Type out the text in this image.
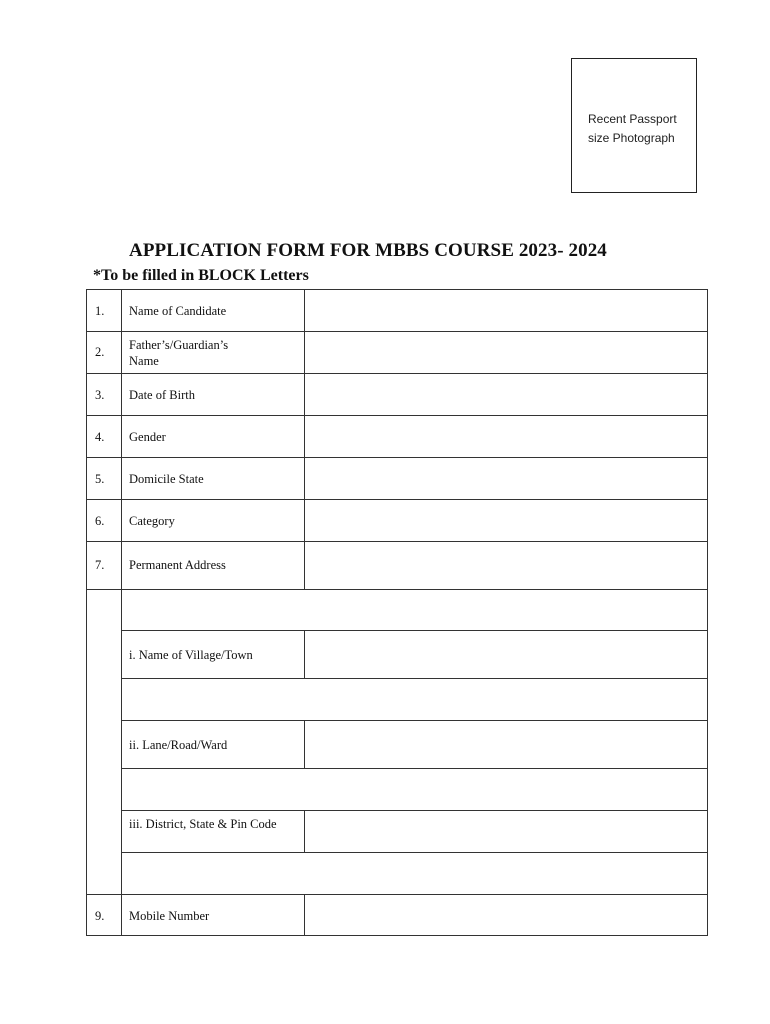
Recent Passport
size Photograph
APPLICATION FORM FOR MBBS COURSE 2023- 2024
*To be filled in BLOCK Letters
1. Name of Candidate
2. Father’s/Guardian’s Name
3. Date of Birth
4. Gender
5. Domicile State
6. Category
7. Permanent Address
i. Name of Village/Town
ii. Lane/Road/Ward
iii. District, State & Pin Code
9. Mobile Number
